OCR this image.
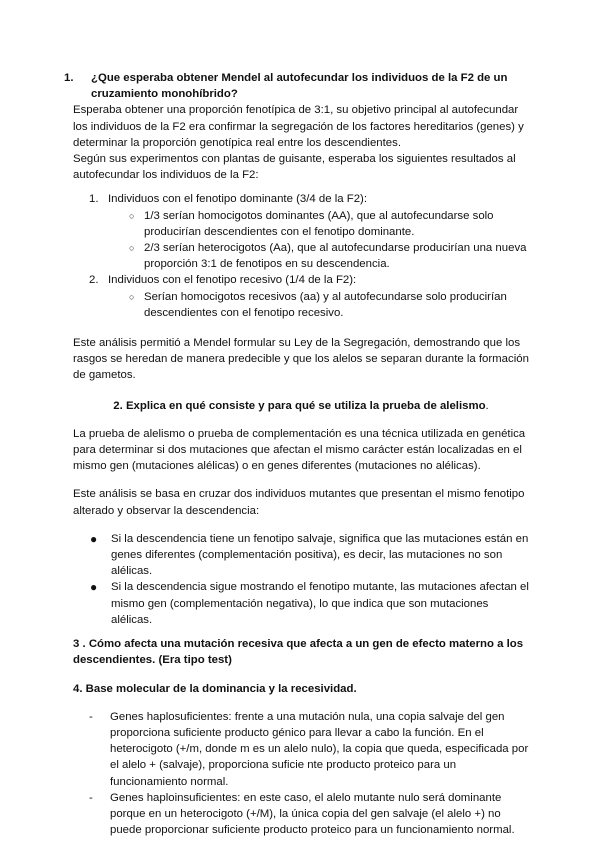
1. ¿Que esperaba obtener Mendel al autofecundar los individuos de la F2 de un cruzamiento monohíbrido?

Esperaba obtener una proporción fenotípica de 3:1, su objetivo principal al autofecundar los individuos de la F2 era confirmar la segregación de los factores hereditarios (genes) y determinar la proporción genotípica real entre los descendientes.

Según sus experimentos con plantas de guisante, esperaba los siguientes resultados al autofecundar los individuos de la F2:

1. Individuos con el fenotipo dominante (3/4 de la F2):
○ 1/3 serían homocigotos dominantes (AA), que al autofecundarse solo producirían descendientes con el fenotipo dominante.
○ 2/3 serían heterocigotos (Aa), que al autofecundarse producirían una nueva proporción 3:1 de fenotipos en su descendencia.
2. Individuos con el fenotipo recesivo (1/4 de la F2):
○ Serían homocigotos recesivos (aa) y al autofecundarse solo producirían descendientes con el fenotipo recesivo.

Este análisis permitió a Mendel formular su Ley de la Segregación, demostrando que los rasgos se heredan de manera predecible y que los alelos se separan durante la formación de gametos.

2. Explica en qué consiste y para qué se utiliza la prueba de alelismo.

La prueba de alelismo o prueba de complementación es una técnica utilizada en genética para determinar si dos mutaciones que afectan el mismo carácter están localizadas en el mismo gen (mutaciones alélicas) o en genes diferentes (mutaciones no alélicas).

Este análisis se basa en cruzar dos individuos mutantes que presentan el mismo fenotipo alterado y observar la descendencia:

● Si la descendencia tiene un fenotipo salvaje, significa que las mutaciones están en genes diferentes (complementación positiva), es decir, las mutaciones no son alélicas.
● Si la descendencia sigue mostrando el fenotipo mutante, las mutaciones afectan el mismo gen (complementación negativa), lo que indica que son mutaciones alélicas.

3 . Cómo afecta una mutación recesiva que afecta a un gen de efecto materno a los descendientes. (Era tipo test)

4. Base molecular de la dominancia y la recesividad.

- Genes haplosuficientes: frente a una mutación nula, una copia salvaje del gen proporciona suficiente producto génico para llevar a cabo la función. En el heterocigoto (+/m, donde m es un alelo nulo), la copia que queda, especificada por el alelo + (salvaje), proporciona suficie nte producto proteico para un funcionamiento normal.
- Genes haploinsuficientes: en este caso, el alelo mutante nulo será dominante porque en un heterocigoto (+/M), la única copia del gen salvaje (el alelo +) no puede proporcionar suficiente producto proteico para un funcionamiento normal.
